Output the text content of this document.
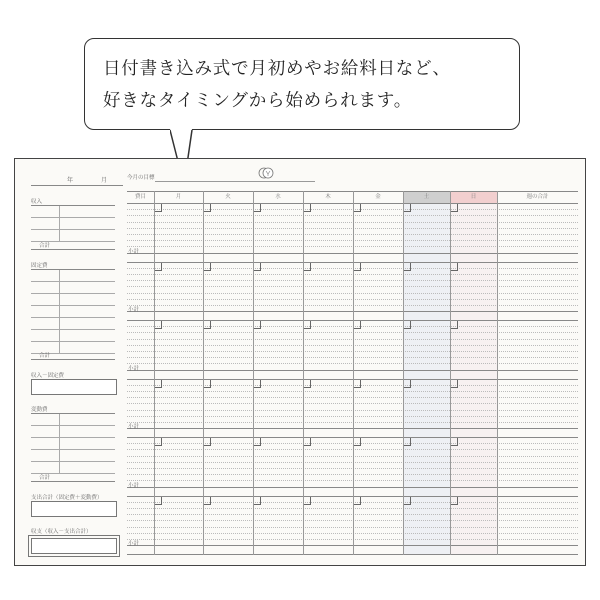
日付書き込み式で月初めやお給料日など、
好きなタイミングから始められます。
年	月
収入
合計
固定費
合計
収入－固定費
変動費
合計
支出合計（固定費＋変動費）
収支（収入－支出合計）
今月の目標
費目	月	火	水	木	金	土	日	週の合計
小計
小計
小計
小計
小計
小計
